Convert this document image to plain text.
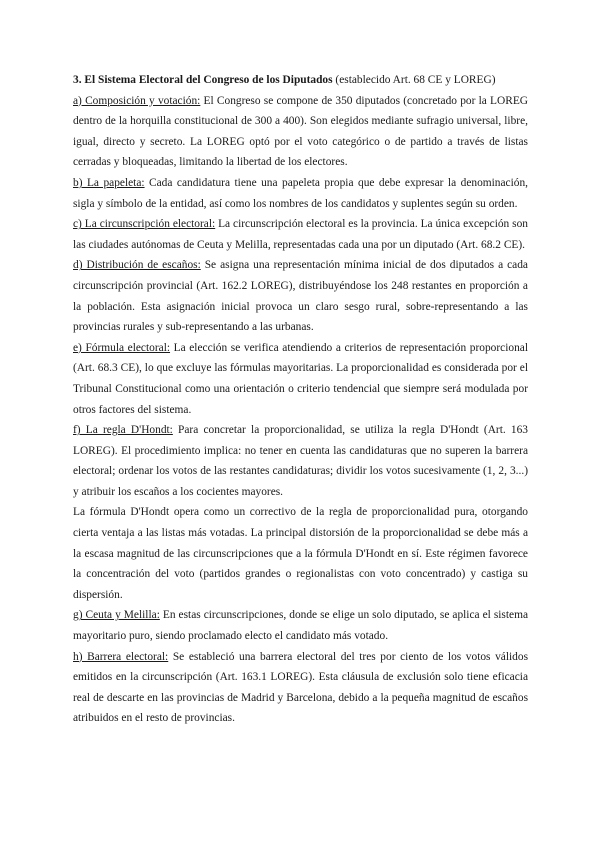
3. El Sistema Electoral del Congreso de los Diputados (establecido Art. 68 CE y LOREG)

a) Composición y votación: El Congreso se compone de 350 diputados (concretado por la LOREG dentro de la horquilla constitucional de 300 a 400). Son elegidos mediante sufragio universal, libre, igual, directo y secreto. La LOREG optó por el voto categórico o de partido a través de listas cerradas y bloqueadas, limitando la libertad de los electores.

b) La papeleta: Cada candidatura tiene una papeleta propia que debe expresar la denominación, sigla y símbolo de la entidad, así como los nombres de los candidatos y suplentes según su orden.

c) La circunscripción electoral: La circunscripción electoral es la provincia. La única excepción son las ciudades autónomas de Ceuta y Melilla, representadas cada una por un diputado (Art. 68.2 CE).

d) Distribución de escaños: Se asigna una representación mínima inicial de dos diputados a cada circunscripción provincial (Art. 162.2 LOREG), distribuyéndose los 248 restantes en proporción a la población. Esta asignación inicial provoca un claro sesgo rural, sobre-representando a las provincias rurales y sub-representando a las urbanas.

e) Fórmula electoral: La elección se verifica atendiendo a criterios de representación proporcional (Art. 68.3 CE), lo que excluye las fórmulas mayoritarias. La proporcionalidad es considerada por el Tribunal Constitucional como una orientación o criterio tendencial que siempre será modulada por otros factores del sistema.

f) La regla D'Hondt: Para concretar la proporcionalidad, se utiliza la regla D'Hondt (Art. 163 LOREG). El procedimiento implica: no tener en cuenta las candidaturas que no superen la barrera electoral; ordenar los votos de las restantes candidaturas; dividir los votos sucesivamente (1, 2, 3...) y atribuir los escaños a los cocientes mayores.

La fórmula D'Hondt opera como un correctivo de la regla de proporcionalidad pura, otorgando cierta ventaja a las listas más votadas. La principal distorsión de la proporcionalidad se debe más a la escasa magnitud de las circunscripciones que a la fórmula D'Hondt en sí. Este régimen favorece la concentración del voto (partidos grandes o regionalistas con voto concentrado) y castiga su dispersión.

g) Ceuta y Melilla: En estas circunscripciones, donde se elige un solo diputado, se aplica el sistema mayoritario puro, siendo proclamado electo el candidato más votado.

h) Barrera electoral: Se estableció una barrera electoral del tres por ciento de los votos válidos emitidos en la circunscripción (Art. 163.1 LOREG). Esta cláusula de exclusión solo tiene eficacia real de descarte en las provincias de Madrid y Barcelona, debido a la pequeña magnitud de escaños atribuidos en el resto de provincias.
